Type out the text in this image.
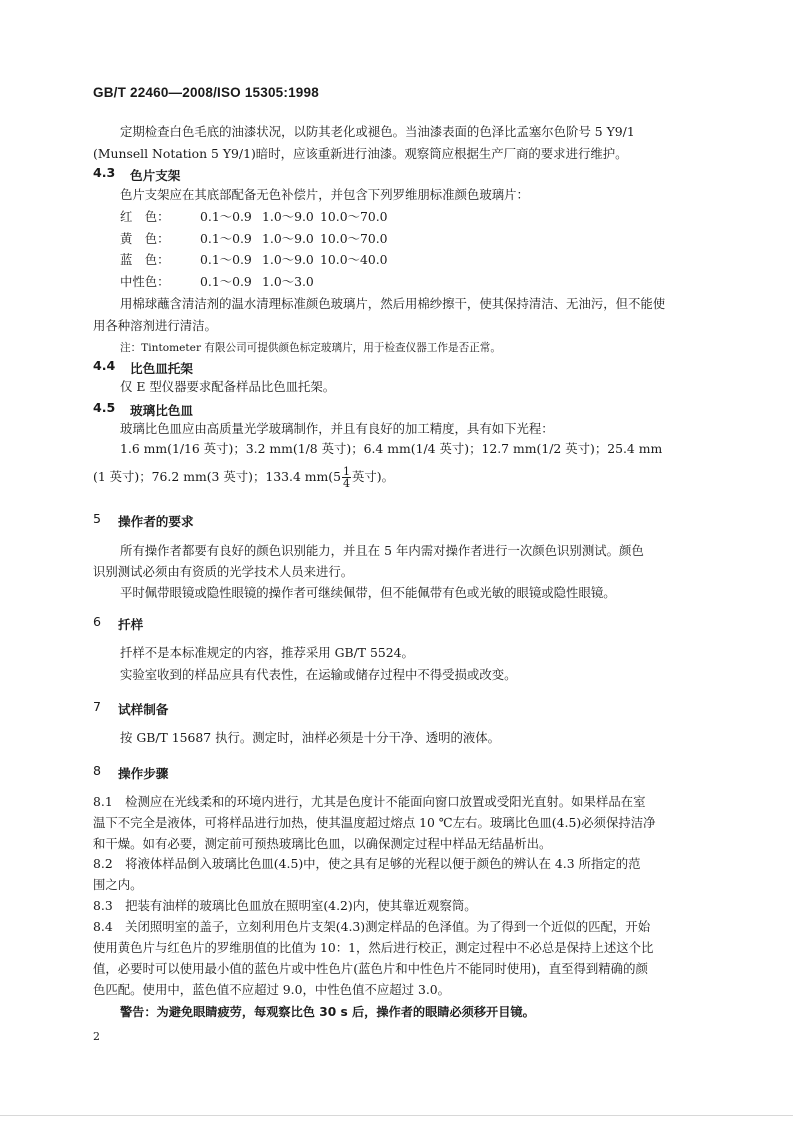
GB/T 22460—2008/ISO 15305:1998
定期检查白色毛底的油漆状况，以防其老化或褪色。当油漆表面的色泽比孟塞尔色阶号 5 Y9/1
(Munsell Notation 5 Y9/1)暗时，应该重新进行油漆。观察筒应根据生产厂商的要求进行维护。
4.3 色片支架
色片支架应在其底部配备无色补偿片，并包含下列罗维朋标准颜色玻璃片：
红　色： 0.1～0.9 1.0～9.0 10.0～70.0
黄　色： 0.1～0.9 1.0～9.0 10.0～70.0
蓝　色： 0.1～0.9 1.0～9.0 10.0～40.0
中性色： 0.1～0.9 1.0～3.0
用棉球蘸含清洁剂的温水清理标准颜色玻璃片，然后用棉纱擦干，使其保持清洁、无油污，但不能使
用各种溶剂进行清洁。
注：Tintometer 有限公司可提供颜色标定玻璃片，用于检查仪器工作是否正常。
4.4 比色皿托架
仅 E 型仪器要求配备样品比色皿托架。
4.5 玻璃比色皿
玻璃比色皿应由高质量光学玻璃制作，并且有良好的加工精度，具有如下光程：
1.6 mm(1/16 英寸)；3.2 mm(1/8 英寸)；6.4 mm(1/4 英寸)；12.7 mm(1/2 英寸)；25.4 mm
(1 英寸)；76.2 mm(3 英寸)；133.4 $mm(5 \frac{1}{4}$ 英寸)。
5 操作者的要求
所有操作者都要有良好的颜色识别能力，并且在 5 年内需对操作者进行一次颜色识别测试。颜色
识别测试必须由有资质的光学技术人员来进行。
平时佩带眼镜或隐性眼镜的操作者可继续佩带，但不能佩带有色或光敏的眼镜或隐性眼镜。
6 扦样
扦样不是本标准规定的内容，推荐采用 GB/T 5524。
实验室收到的样品应具有代表性，在运输或储存过程中不得受损或改变。
7 试样制备
按 GB/T 15687 执行。测定时，油样必须是十分干净、透明的液体。
8 操作步骤
8.1　检测应在光线柔和的环境内进行，尤其是色度计不能面向窗口放置或受阳光直射。如果样品在室
温下不完全是液体，可将样品进行加热，使其温度超过熔点 10 ℃左右。玻璃比色皿(4.5)必须保持洁净
和干燥。如有必要，测定前可预热玻璃比色皿，以确保测定过程中样品无结晶析出。
8.2　将液体样品倒入玻璃比色皿(4.5)中，使之具有足够的光程以便于颜色的辨认在 4.3 所指定的范
围之内。
8.3　把装有油样的玻璃比色皿放在照明室(4.2)内，使其靠近观察筒。
8.4　关闭照明室的盖子，立刻利用色片支架(4.3)测定样品的色泽值。为了得到一个近似的匹配，开始
使用黄色片与红色片的罗维朋值的比值为 10：1，然后进行校正，测定过程中不必总是保持上述这个比
值，必要时可以使用最小值的蓝色片或中性色片(蓝色片和中性色片不能同时使用)，直至得到精确的颜
色匹配。使用中，蓝色值不应超过 9.0，中性色值不应超过 3.0。
警告：为避免眼睛疲劳，每观察比色 30 s 后，操作者的眼睛必须移开目镜。
2
